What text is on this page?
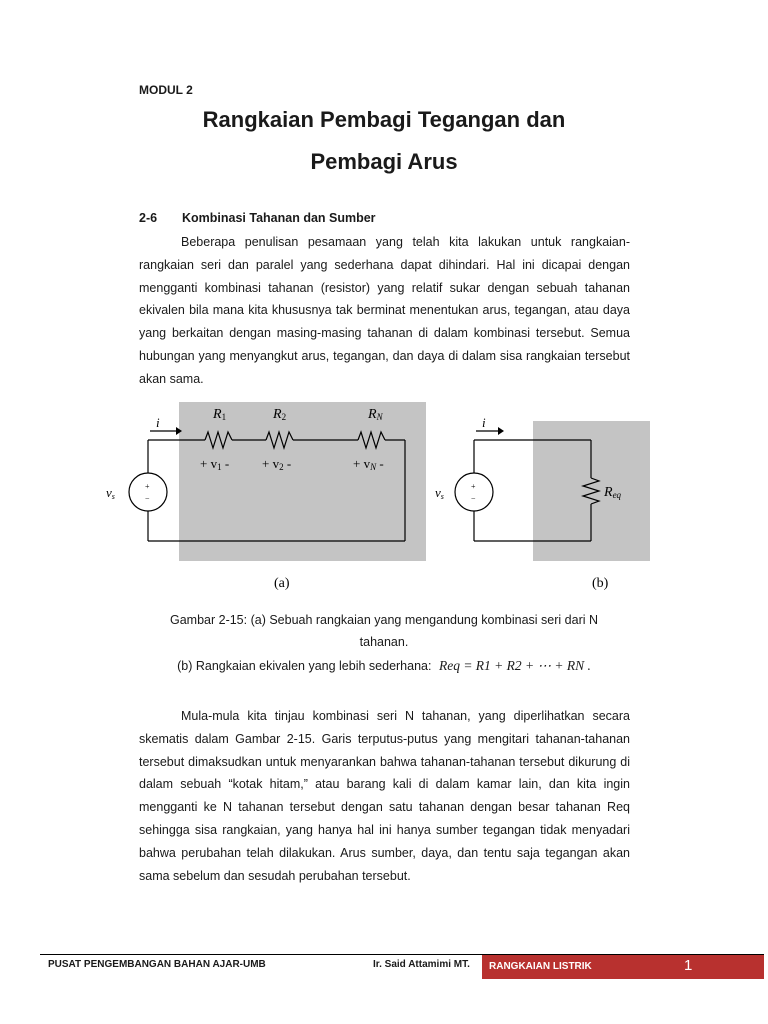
MODUL 2
Rangkaian Pembagi Tegangan dan
Pembagi Arus
2-6 Kombinasi Tahanan dan Sumber

Beberapa penulisan pesamaan yang telah kita lakukan untuk rangkaian-rangkaian seri dan paralel yang sederhana dapat dihindari. Hal ini dicapai dengan mengganti kombinasi tahanan (resistor) yang relatif sukar dengan sebuah tahanan ekivalen bila mana kita khususnya tak berminat menentukan arus, tegangan, atau daya yang berkaitan dengan masing-masing tahanan di dalam kombinasi tersebut. Semua hubungan yang menyangkut arus, tegangan, dan daya di dalam sisa rangkaian tersebut akan sama.

i
R1	R2	RN
+ v1 -	+ v2 -	+ vN -
+
−
vs
i
+
−
vs	Req
(a)	(b)
Gambar 2-15: (a) Sebuah rangkaian yang mengandung kombinasi seri dari N
tahanan.
(b) Rangkaian ekivalen yang lebih sederhana: Req = R1 + R2 + ⋯ + RN .

Mula-mula kita tinjau kombinasi seri N tahanan, yang diperlihatkan secara skematis dalam Gambar 2-15. Garis terputus-putus yang mengitari tahanan-tahanan tersebut dimaksudkan untuk menyarankan bahwa tahanan-tahanan tersebut dikurung di dalam sebuah “kotak hitam,” atau barang kali di dalam kamar lain, dan kita ingin mengganti ke N tahanan tersebut dengan satu tahanan dengan besar tahanan Req sehingga sisa rangkaian, yang hanya hal ini hanya sumber tegangan tidak menyadari bahwa perubahan telah dilakukan. Arus sumber, daya, dan tentu saja tegangan akan sama sebelum dan sesudah perubahan tersebut.

PUSAT PENGEMBANGAN BAHAN AJAR-UMB	Ir. Said Attamimi MT. RANGKAIAN LISTRIK	1
